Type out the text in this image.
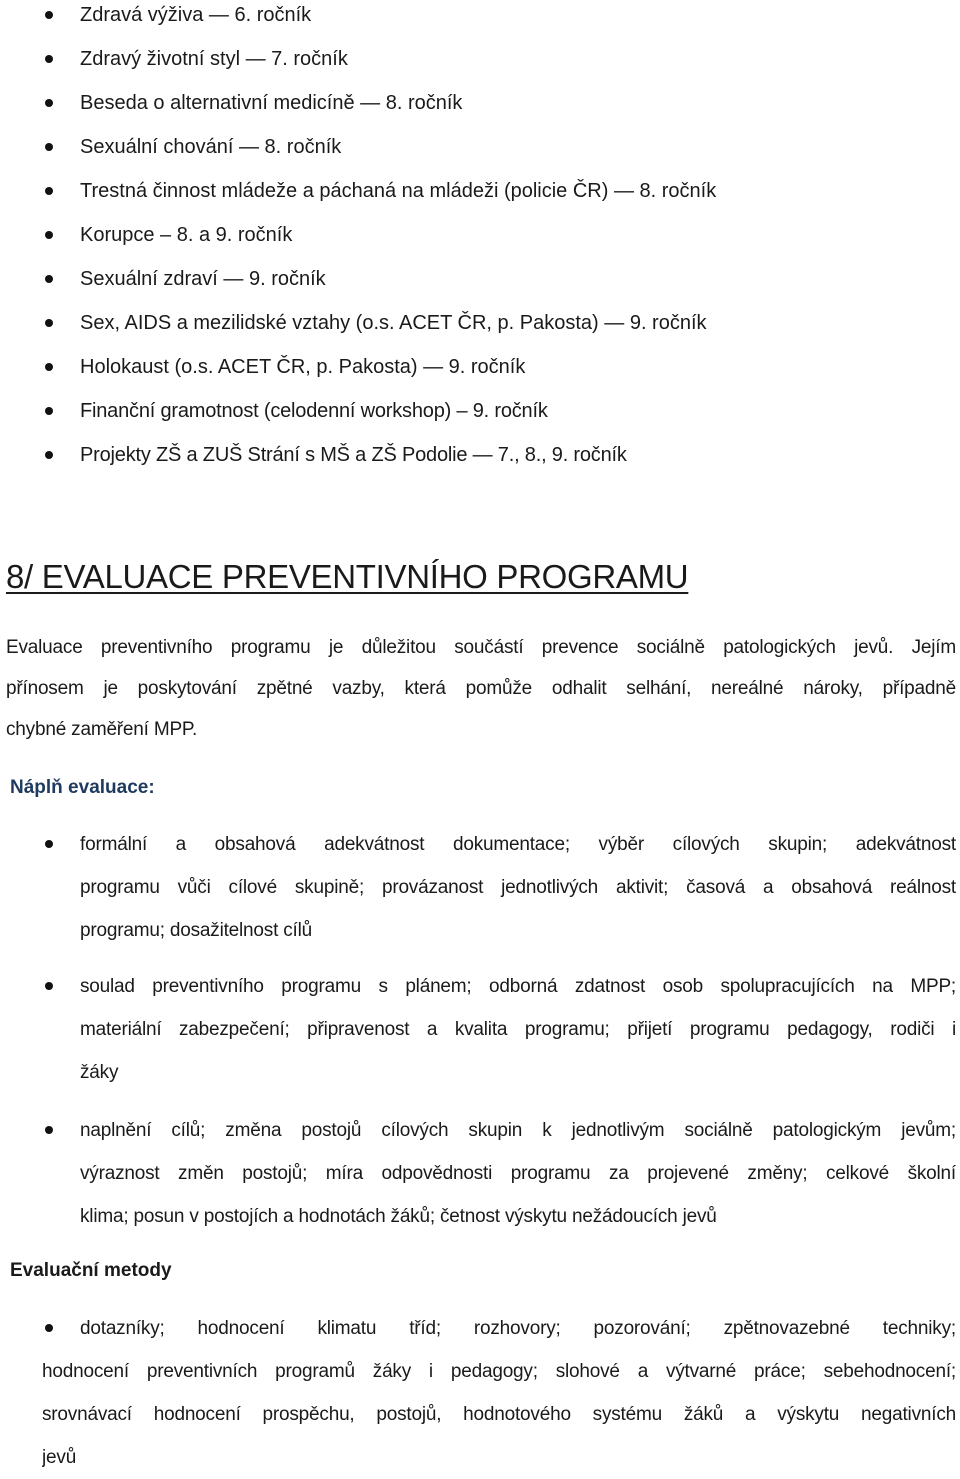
Zdravá výživa — 6. ročník
Zdravý životní styl — 7. ročník
Beseda o alternativní medicíně — 8. ročník
Sexuální chování — 8. ročník
Trestná činnost mládeže a páchaná na mládeži (policie ČR) — 8. ročník
Korupce – 8. a 9. ročník
Sexuální zdraví — 9. ročník
Sex, AIDS a mezilidské vztahy (o.s. ACET ČR, p. Pakosta) — 9. ročník
Holokaust (o.s. ACET ČR, p. Pakosta) — 9. ročník
Finanční gramotnost (celodenní workshop) – 9. ročník
Projekty ZŠ a ZUŠ Strání s MŠ a ZŠ Podolie — 7., 8., 9. ročník
8/ EVALUACE PREVENTIVNÍHO PROGRAMU
Evaluace preventivního programu je důležitou součástí prevence sociálně patologických jevů. Jejím
přínosem je poskytování zpětné vazby, která pomůže odhalit selhání, nereálné nároky, případně
chybné zaměření MPP.
Náplň evaluace:
formální a obsahová adekvátnost dokumentace; výběr cílových skupin; adekvátnost
programu vůči cílové skupině; provázanost jednotlivých aktivit; časová a obsahová reálnost
programu; dosažitelnost cílů
soulad preventivního programu s plánem; odborná zdatnost osob spolupracujících na MPP;
materiální zabezpečení; připravenost a kvalita programu; přijetí programu pedagogy, rodiči i
žáky
naplnění cílů; změna postojů cílových skupin k jednotlivým sociálně patologickým jevům;
výraznost změn postojů; míra odpovědnosti programu za projevené změny; celkové školní
klima; posun v postojích a hodnotách žáků; četnost výskytu nežádoucích jevů
Evaluační metody
dotazníky; hodnocení klimatu tříd; rozhovory; pozorování; zpětnovazebné techniky;
hodnocení preventivních programů žáky i pedagogy; slohové a výtvarné práce; sebehodnocení;
srovnávací hodnocení prospěchu, postojů, hodnotového systému žáků a výskytu negativních
jevů
